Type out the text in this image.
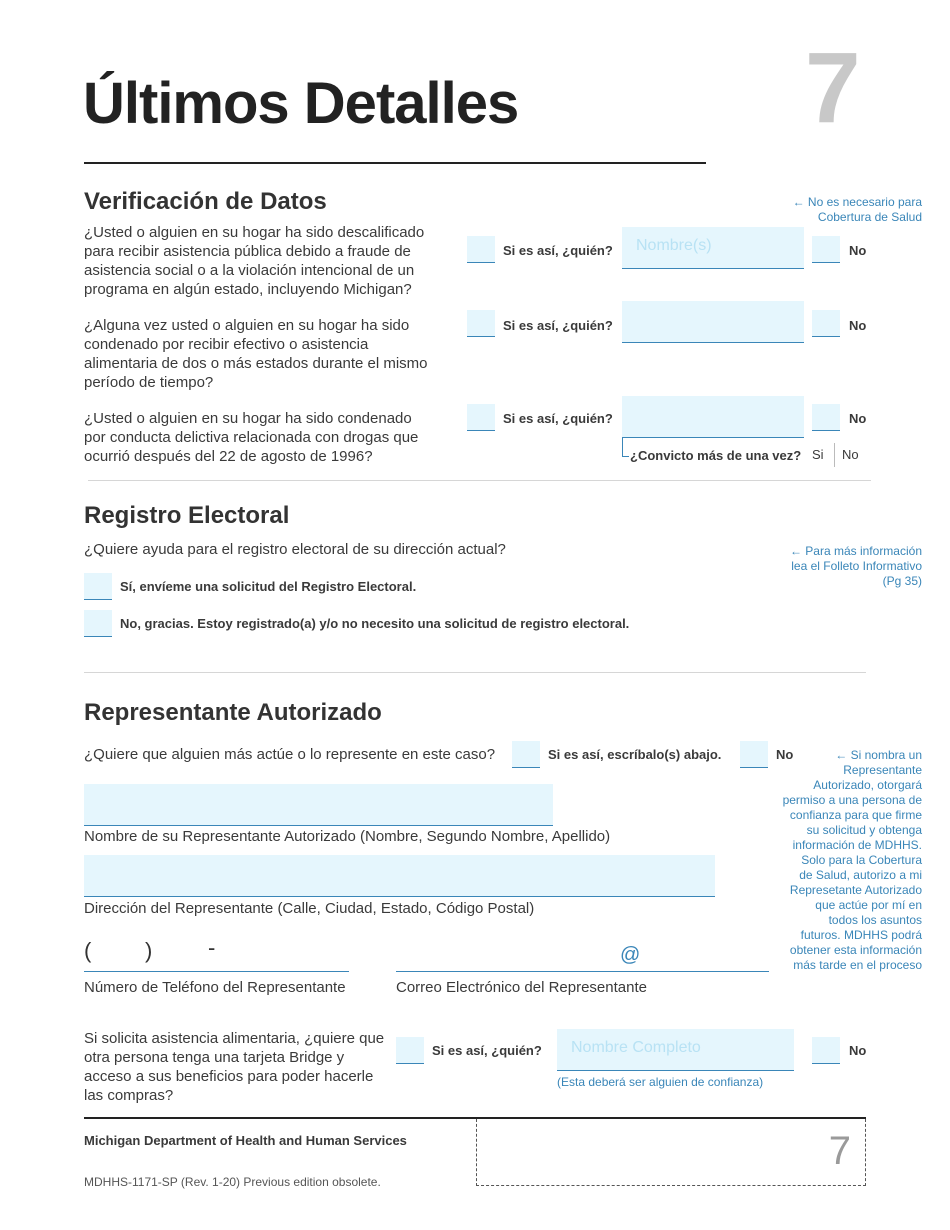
7
Últimos Detalles
Verificación de Datos	← No es necesario para
Cobertura de Salud
¿Usted o alguien en su hogar ha sido descalificado para recibir asistencia pública debido a fraude de asistencia social o a la violación intencional de un programa en algún estado, incluyendo Michigan?
Si es así, ¿quién? Nombre(s)	No
¿Alguna vez usted o alguien en su hogar ha sido condenado por recibir efectivo o asistencia alimentaria de dos o más estados durante el mismo período de tiempo?
Si es así, ¿quién?	No
¿Usted o alguien en su hogar ha sido condenado por conducta delictiva relacionada con drogas que ocurrió después del 22 de agosto de 1996?
Si es así, ¿quién?	No
¿Convicto más de una vez? Si No
Registro Electoral
¿Quiere ayuda para el registro electoral de su dirección actual?	← Para más información
lea el Folleto Informativo
(Pg 35)
Sí, envíeme una solicitud del Registro Electoral.
No, gracias. Estoy registrado(a) y/o no necesito una solicitud de registro electoral.
Representante Autorizado
¿Quiere que alguien más actúe o lo represente en este caso?	Si es así, escríbalo(s) abajo.	No	← Si nombra un
Representante
Autorizado, otorgará
permiso a una persona de
confianza para que firme
su solicitud y obtenga
información de MDHHS.
Solo para la Cobertura
de Salud, autorizo a mi
Represetante Autorizado
que actúe por mí en
todos los asuntos
futuros. MDHHS podrá
obtener esta información
más tarde en el proceso
Nombre de su Representante Autorizado (Nombre, Segundo Nombre, Apellido)
Dirección del Representante (Calle, Ciudad, Estado, Código Postal)
( )	-
Número de Teléfono del Representante
@
Correo Electrónico del Representante
Si solicita asistencia alimentaria, ¿quiere que otra persona tenga una tarjeta Bridge y acceso a sus beneficios para poder hacerle las compras?
Si es así, ¿quién? Nombre Completo
(Esta deberá ser alguien de confianza)
No
Michigan Department of Health and Human Services
MDHHS-1171-SP (Rev. 1-20) Previous edition obsolete.
7
